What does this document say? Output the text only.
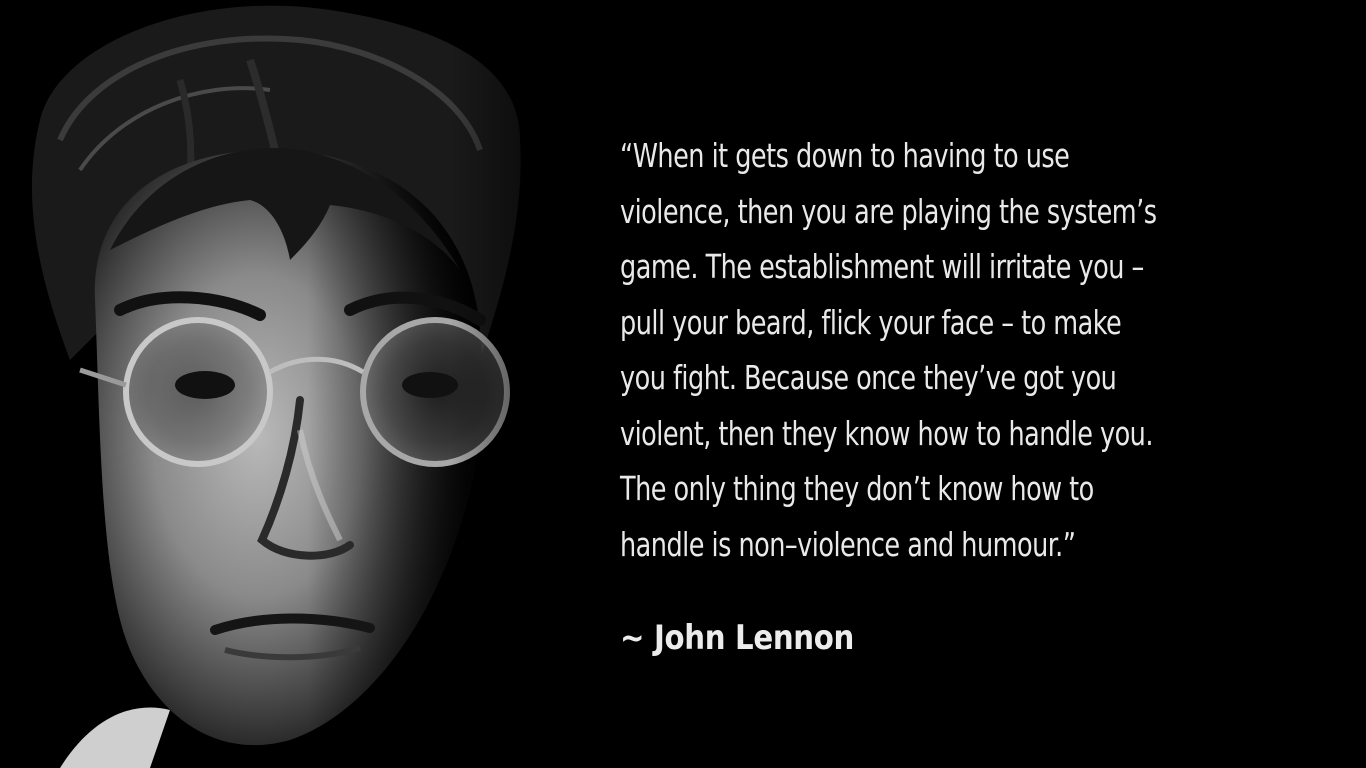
“When it gets down to having to use
violence, then you are playing the system’s
game. The establishment will irritate you –
pull your beard, flick your face – to make
you fight. Because once they’ve got you
violent, then they know how to handle you.
The only thing they don’t know how to
handle is non–violence and humour.”
~ John Lennon
